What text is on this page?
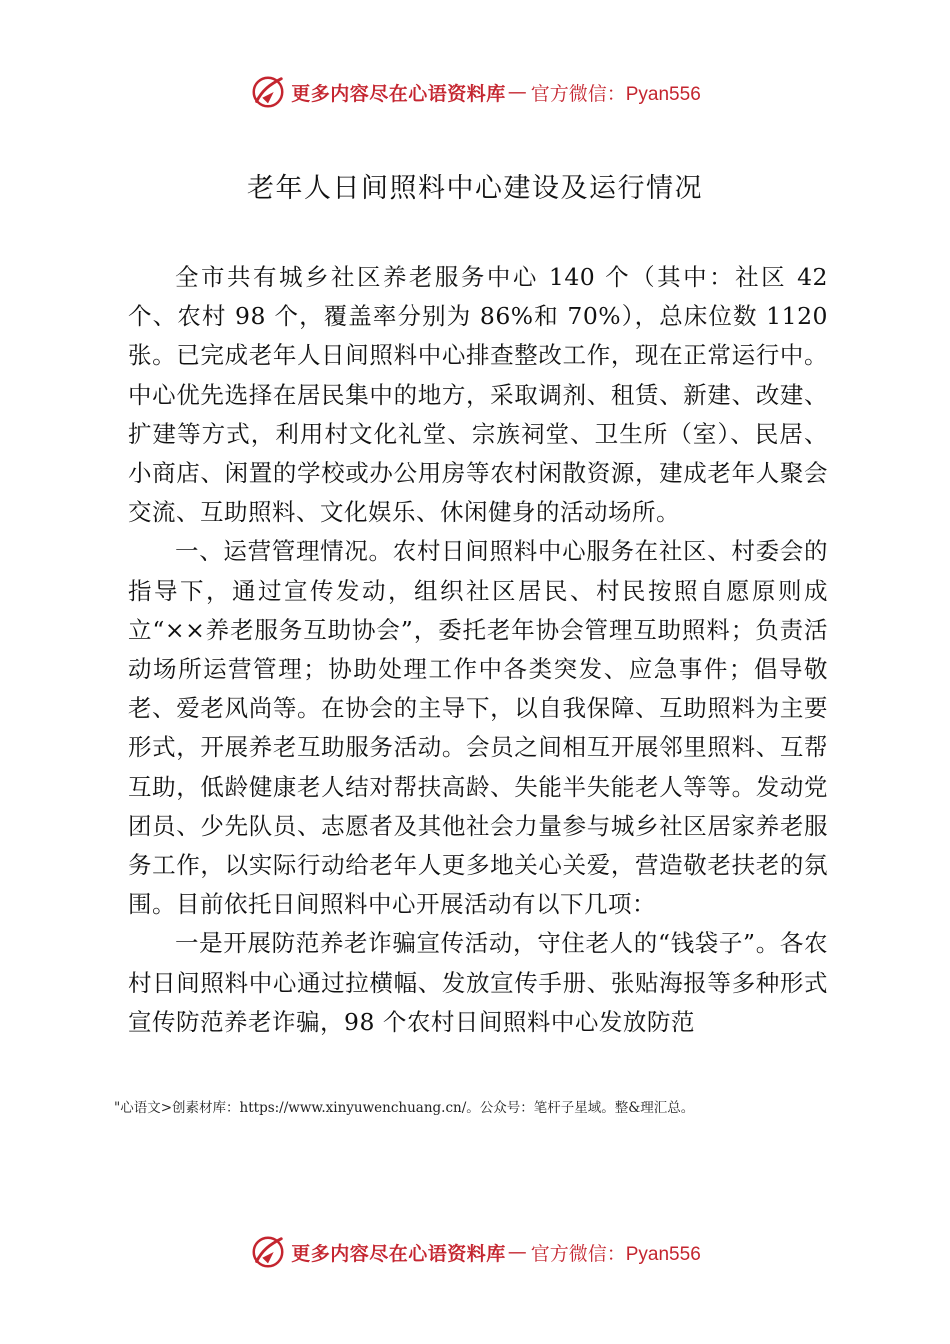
更多内容尽在心语资料库 — 官方微信：Pyan556
老年人日间照料中心建设及运行情况

全市共有城乡社区养老服务中心 140 个（其中：社区 42 个、农村 98 个，覆盖率分别为 86%和 70%），总床位数 1120 张。已完成老年人日间照料中心排查整改工作，现在正常运行中。中心优先选择在居民集中的地方，采取调剂、租赁、新建、改建、扩建等方式，利用村文化礼堂、宗族祠堂、卫生所（室）、民居、 小商店、闲置的学校或办公用房等农村闲散资源，建成老年人聚会交流、互助照料、文化娱乐、休闲健身的活动场所。

一、运营管理情况。农村日间照料中心服务在社区、村委会的指导下，通过宣传发动，组织社区居民、村民按照自愿原则成立“××养老服务互助协会”，委托老年协会管理互助照料；负责活动场所运营管理；协助处理工作中各类突发、应急事件；倡导敬老、爱老风尚等。在协会的主导下，以自我保障、互助照料为主要形式，开展养老互助服务活动。会员之间相互开展邻里照料、互帮互助，低龄健康老人结对帮扶高龄、失能半失能老人等等。发动党团员、少先队员、志愿者及其他社会力量参与城乡社区居家养老服务工作，以实际行动给老年人更多地关心关爱，营造敬老扶老的氛围。目前依托日间照料中心开展活动有以下几项：

一是开展防范养老诈骗宣传活动，守住老人的“钱袋子”。各农村日间照料中心通过拉横幅、发放宣传手册、张贴海报等多种形式宣传防范养老诈骗，98 个农村日间照料中心发放防范

"心语文>创素材库：https://www.xinyuwenchuang.cn/。公众号：笔杆子星域。整&理汇总。
更多内容尽在心语资料库 — 官方微信：Pyan556
